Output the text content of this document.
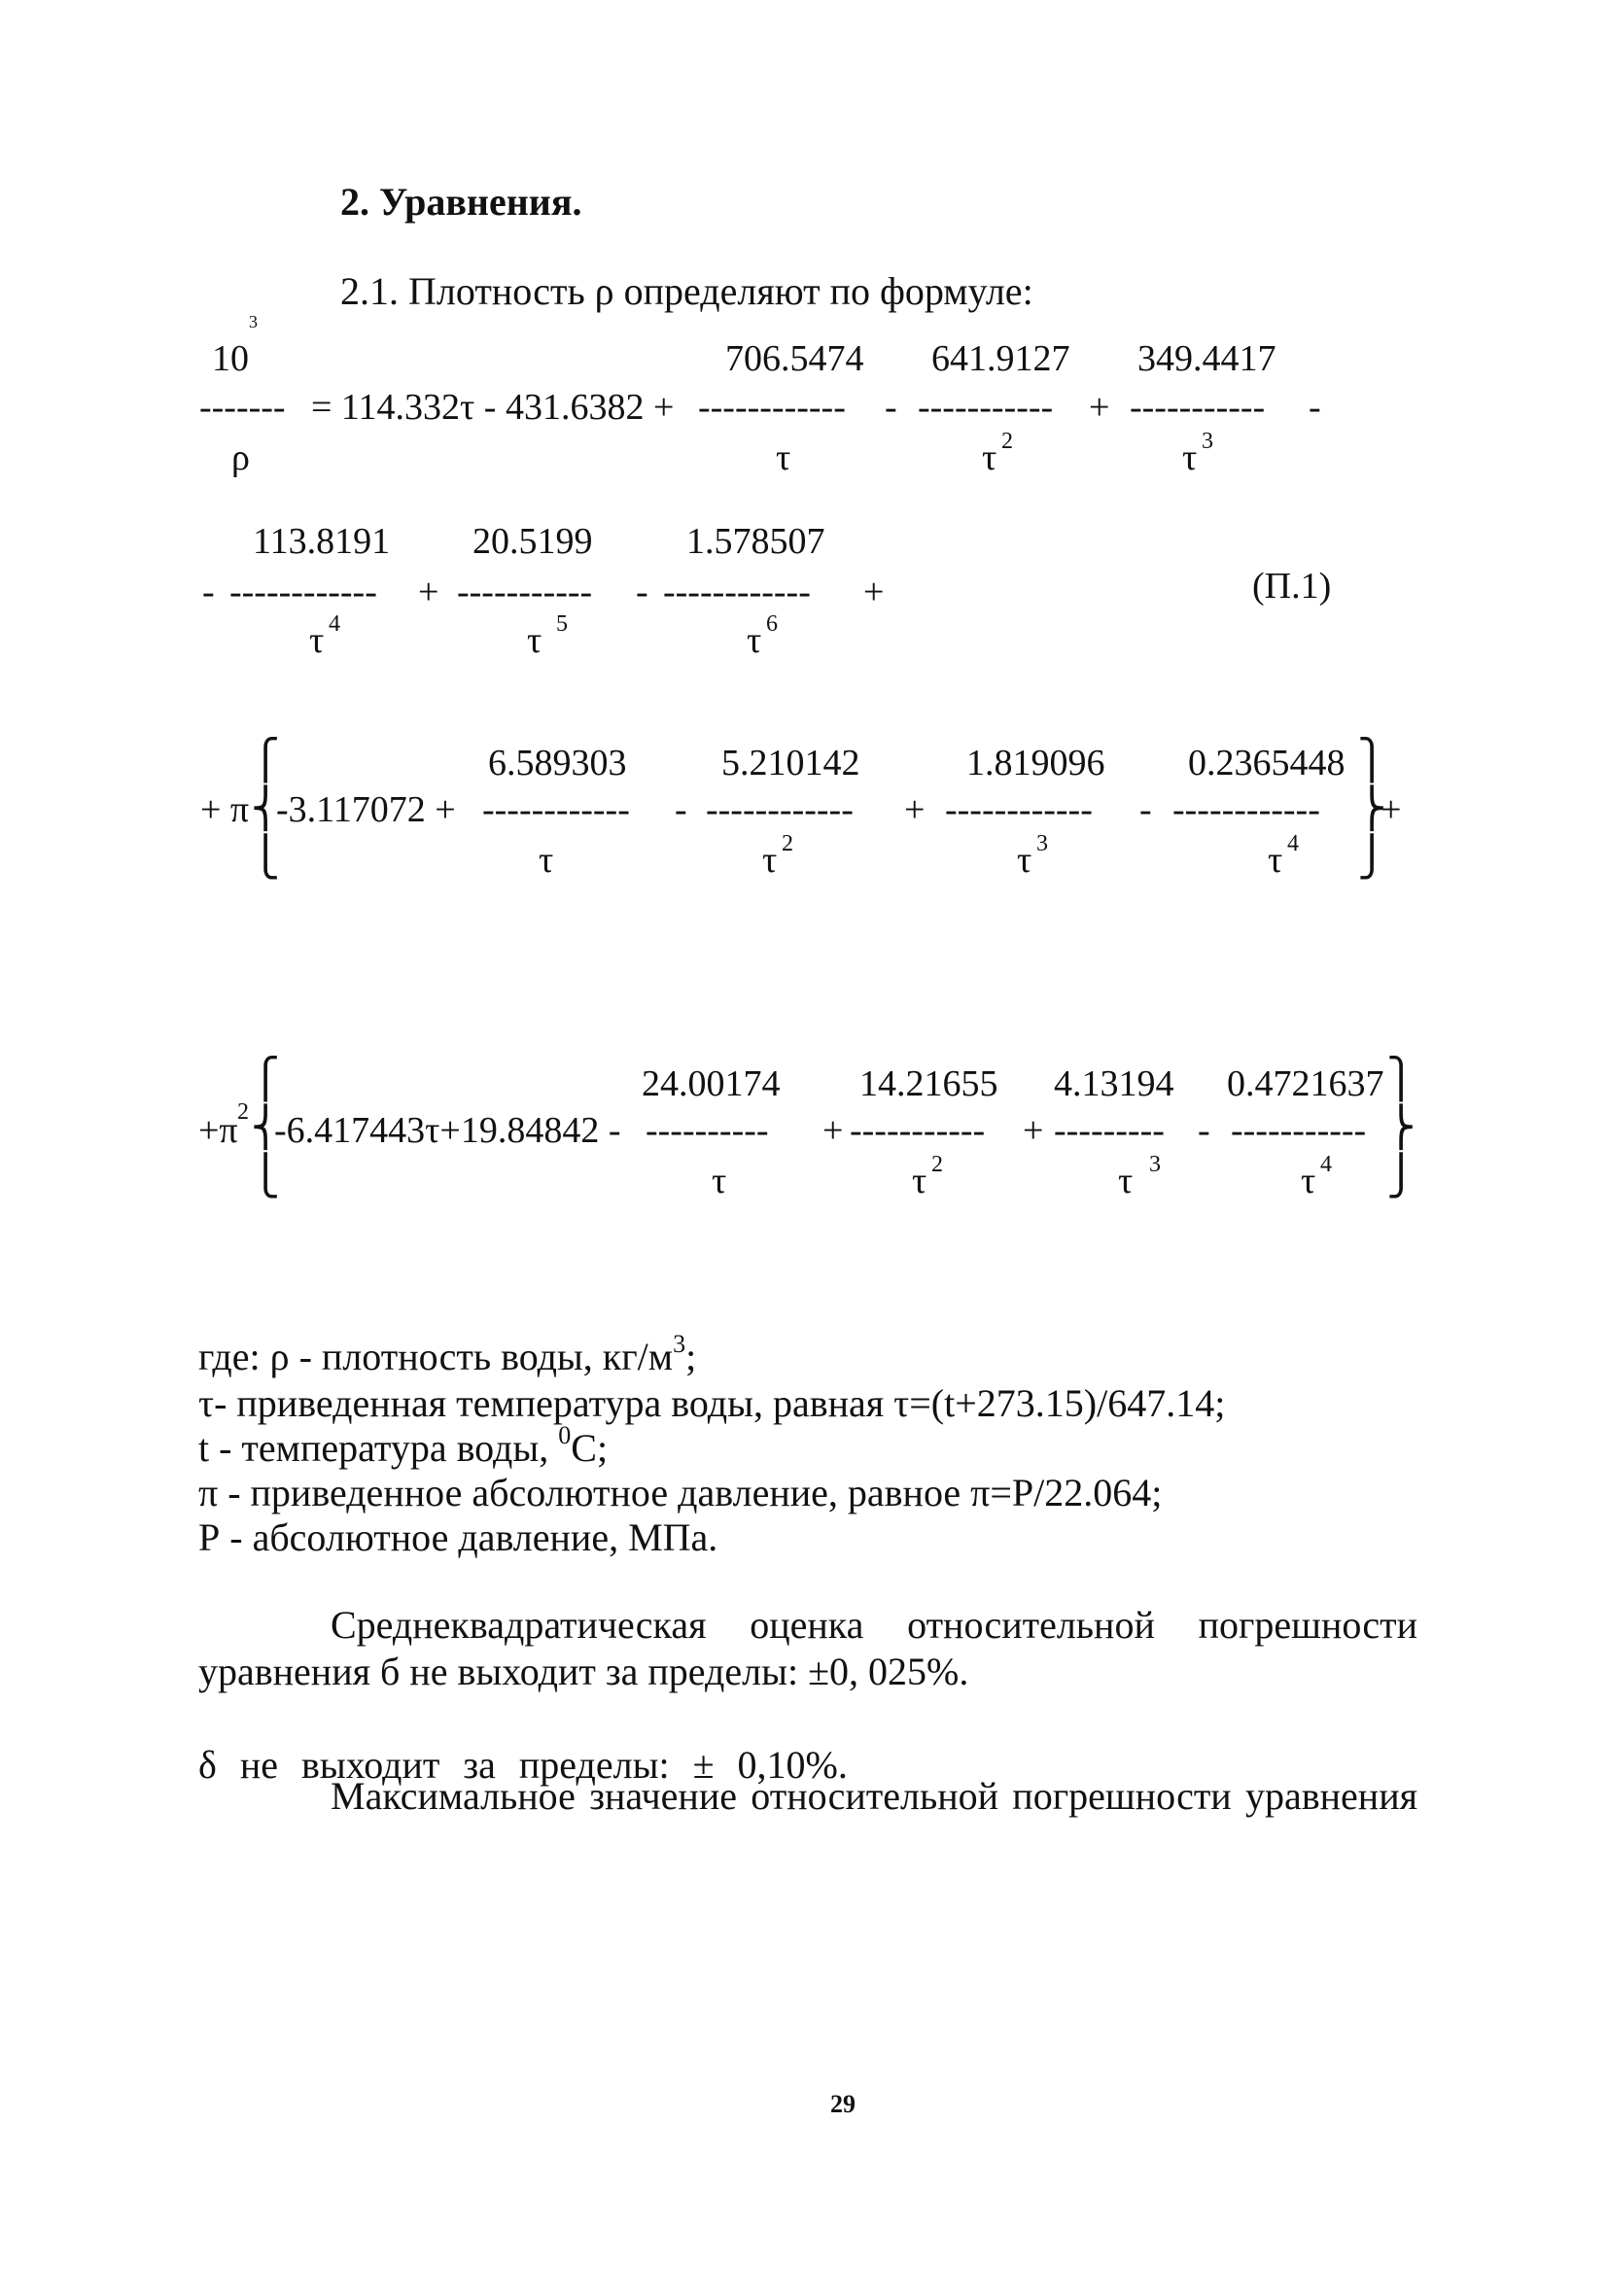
2. Уравнения.
2.1. Плотность ρ определяют по формуле:
10
3
-------
ρ
= 114.332τ - 431.6382 +
706.5474
------------
τ
-
641.9127
-----------
τ 2
+
349.4417
-----------
τ 3
-
-
113.8191
------------
τ 4
+
20.5199
-----------
τ 5
-
1.578507
------------
τ 6
+	(П.1)
⎧
⎨
⎩
+ π -3.117072 +
6.589303
------------
τ
-
5.210142
------------
τ 2
+
1.819096
------------
τ 3
-
0.2365448
------------
τ 4
⎫
⎬
⎭
+
⎧
⎨
⎩
+π 2 -6.417443τ+19.84842 -
24.00174
----------
τ
+
14.21655
-----------
τ 2
+
4.13194
---------
τ 3
-
0.4721637
-----------
τ 4
⎫
⎬
⎭
где: ρ - плотность воды, $кг/м^3$;
τ- приведенная температура воды, равная τ=(t+273.15)/647.14;
t - температура воды, $^0$С;
π - приведенное абсолютное давление, равное π=P/22.064;
Р - абсолютное давление, МПа.
Среднеквадратическая оценка относительной погрешности
уравнения б не выходит за пределы: ±0, 025%.

Максимальное значение относительной погрешности уравнения

δ не выходит за пределы: ± 0,10%.
29
